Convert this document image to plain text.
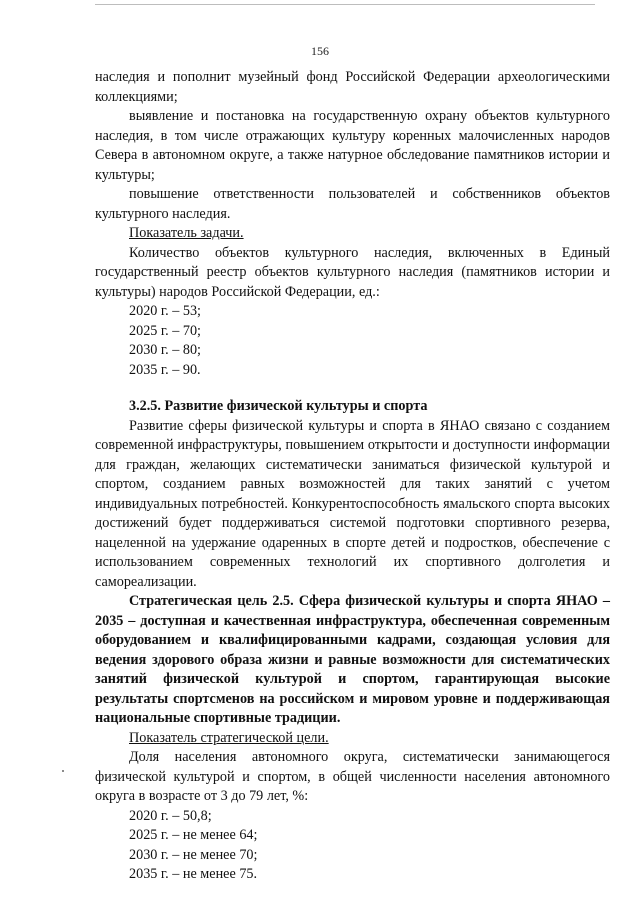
156

наследия и пополнит музейный фонд Российской Федерации археологическими коллекциями;

выявление и постановка на государственную охрану объектов культурного наследия, в том числе отражающих культуру коренных малочисленных народов Севера в автономном округе, а также натурное обследование памятников истории и культуры;

повышение ответственности пользователей и собственников объектов культурного наследия.

Показатель задачи.

Количество объектов культурного наследия, включенных в Единый государственный реестр объектов культурного наследия (памятников истории и культуры) народов Российской Федерации, ед.:

2020 г. – 53;

2025 г. – 70;

2030 г. – 80;

2035 г. – 90.

3.2.5. Развитие физической культуры и спорта

Развитие сферы физической культуры и спорта в ЯНАО связано с созданием современной инфраструктуры, повышением открытости и доступности информации для граждан, желающих систематически заниматься физической культурой и спортом, созданием равных возможностей для таких занятий с учетом индивидуальных потребностей. Конкурентоспособность ямальского спорта высоких достижений будет поддерживаться системой подготовки спортивного резерва, нацеленной на удержание одаренных в спорте детей и подростков, обеспечение с использованием современных технологий их спортивного долголетия и самореализации.

Стратегическая цель 2.5. Сфера физической культуры и спорта ЯНАО – 2035 – доступная и качественная инфраструктура, обеспеченная современным оборудованием и квалифицированными кадрами, создающая условия для ведения здорового образа жизни и равные возможности для систематических занятий физической культурой и спортом, гарантирующая высокие результаты спортсменов на российском и мировом уровне и поддерживающая национальные спортивные традиции.

Показатель стратегической цели.

Доля населения автономного округа, систематически занимающегося физической культурой и спортом, в общей численности населения автономного округа в возрасте от 3 до 79 лет, %:

2020 г. – 50,8;

2025 г. – не менее 64;

2030 г. – не менее 70;

2035 г. – не менее 75.
